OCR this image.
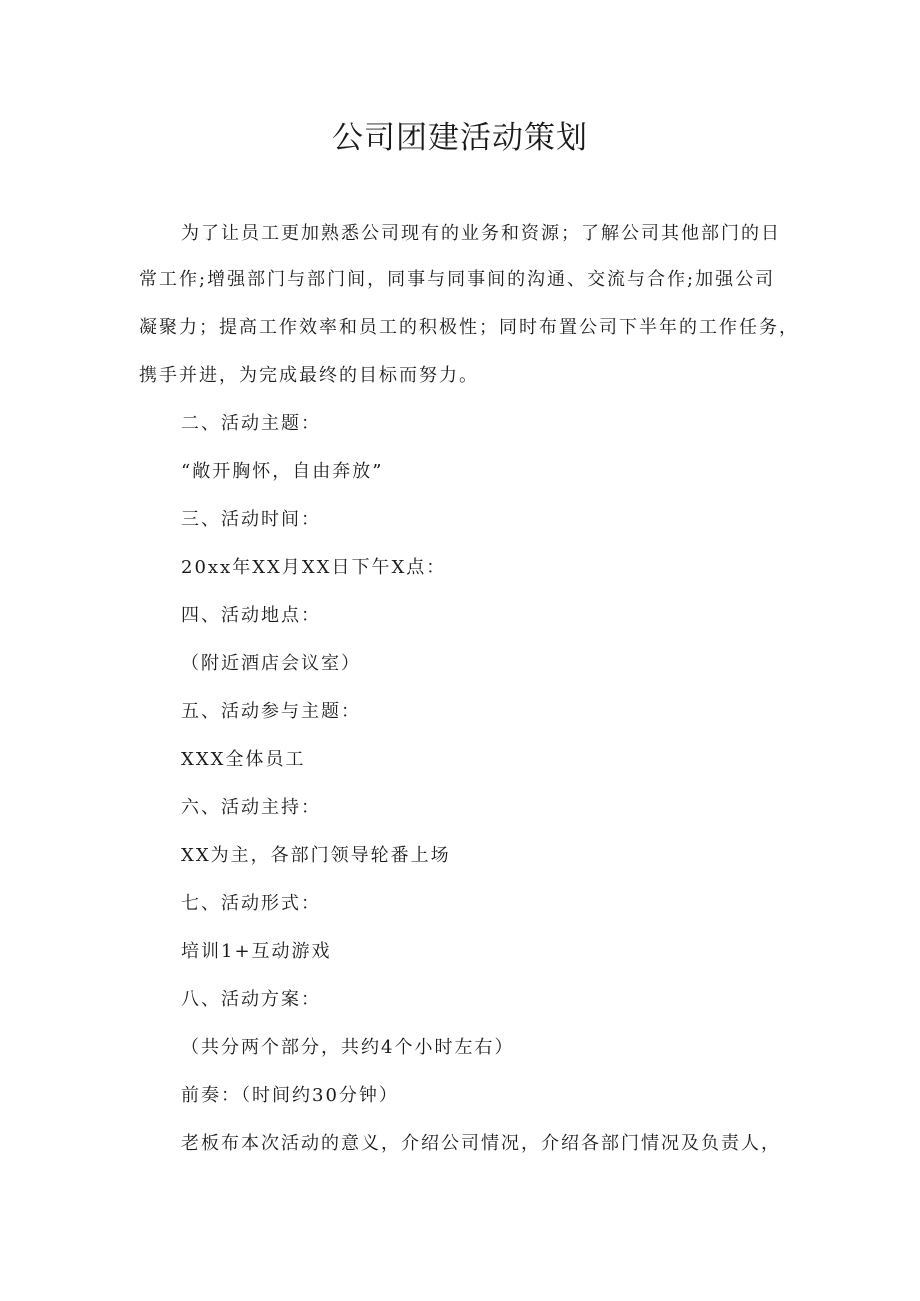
公司团建活动策划

为了让员工更加熟悉公司现有的业务和资源；了解公司其他部门的日

常工作;增强部门与部门间，同事与同事间的沟通、交流与合作;加强公司

凝聚力；提高工作效率和员工的积极性；同时布置公司下半年的工作任务，

携手并进，为完成最终的目标而努力。

二、活动主题：

“敞开胸怀，自由奔放”

三、活动时间：

20xx年XX月XX日下午X点：

四、活动地点：

（附近酒店会议室）

五、活动参与主题：

XXX全体员工

六、活动主持：

XX为主，各部门领导轮番上场

七、活动形式：

培训1+互动游戏

八、活动方案：

（共分两个部分，共约4个小时左右）

前奏：（时间约30分钟）

老板布本次活动的意义，介绍公司情况，介绍各部门情况及负责人，
